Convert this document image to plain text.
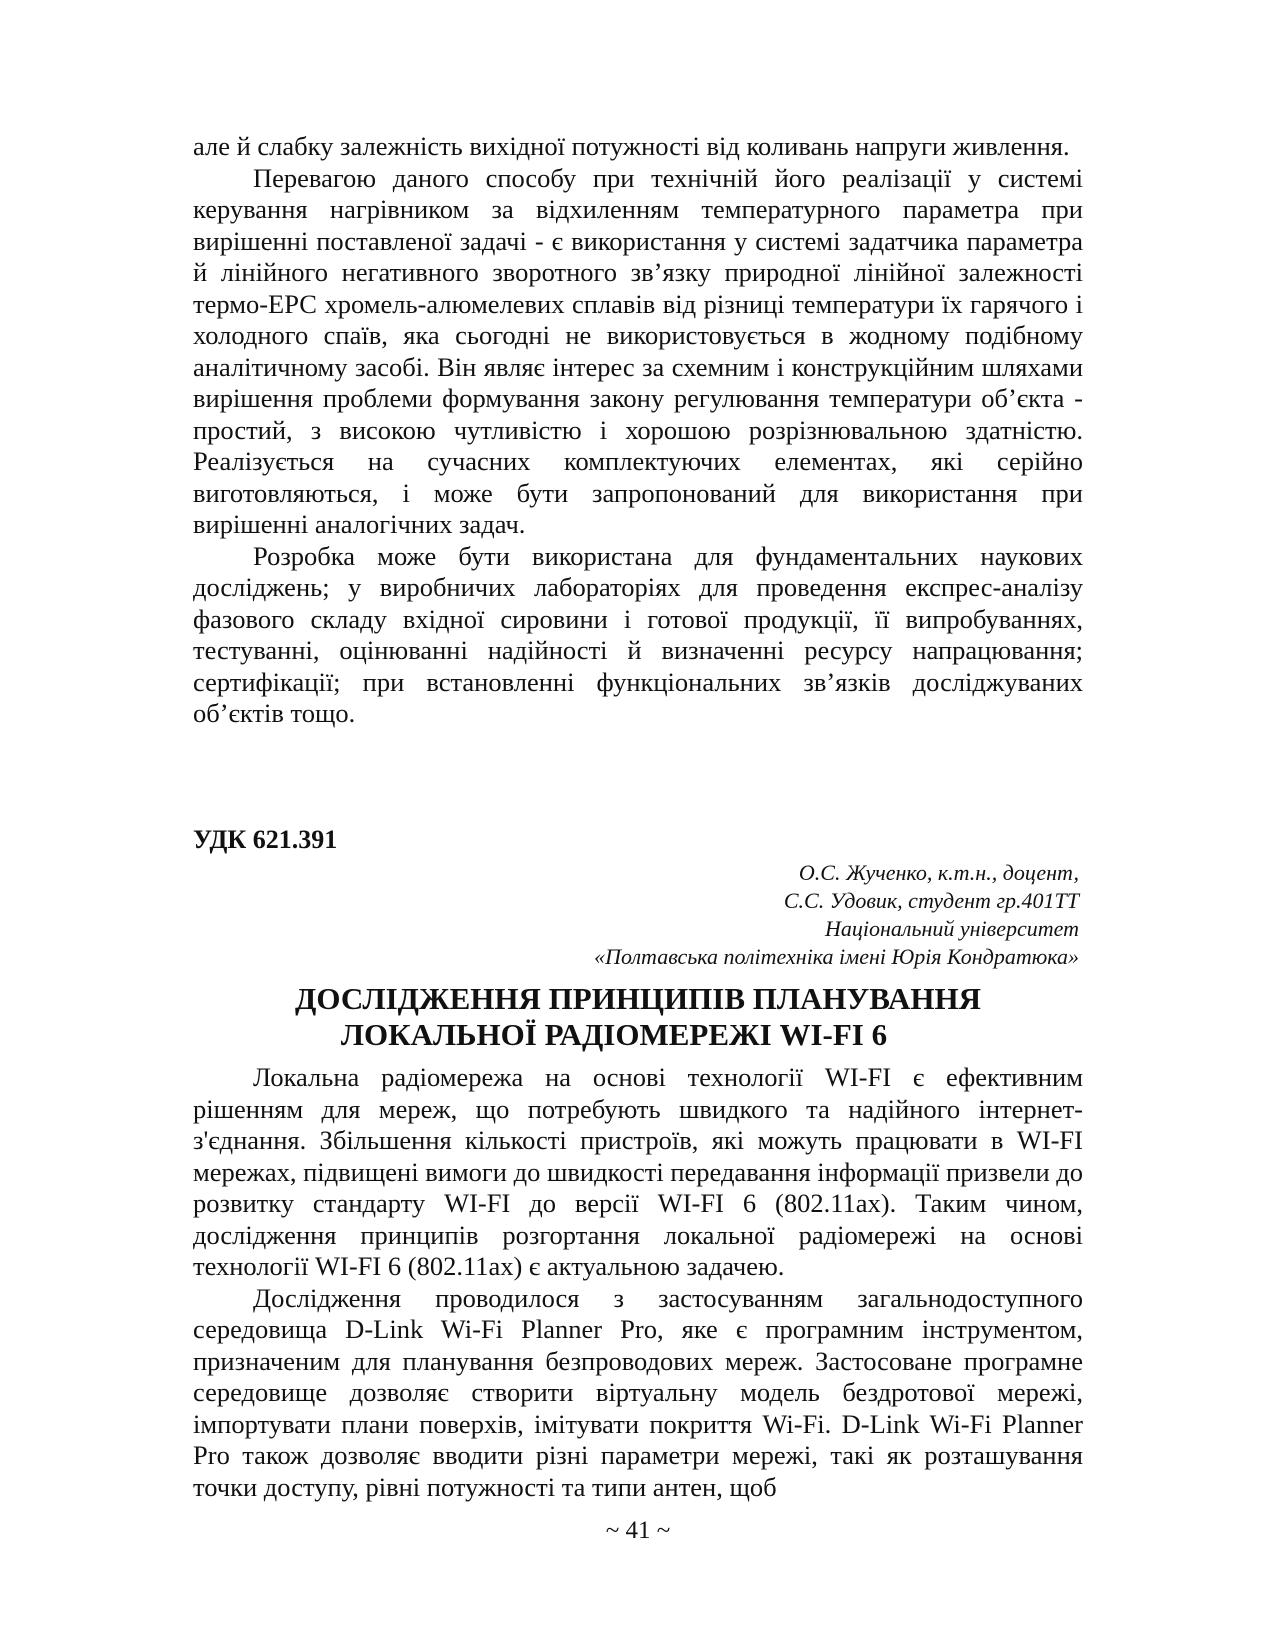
але й слабку залежність вихідної потужності від коливань напруги живлення.

Перевагою даного способу при технічній його реалізації у системі керування нагрівником за відхиленням температурного параметра при вирішенні поставленої задачі - є використання у системі задатчика параметра й лінійного негативного зворотного зв’язку природної лінійної залежності термо-ЕРС хромель-алюмелевих сплавів від різниці температури їх гарячого і холодного спаїв, яка сьогодні не використовується в жодному подібному аналітичному засобі. Він являє інтерес за схемним і конструкційним шляхами вирішення проблеми формування закону регулювання температури об’єкта - простий, з високою чутливістю і хорошою розрізнювальною здатністю. Реалізується на сучасних комплектуючих елементах, які серійно виготовляються, і може бути запропонований для використання при вирішенні аналогічних задач.

Розробка може бути використана для фундаментальних наукових досліджень; у виробничих лабораторіях для проведення експрес-аналізу фазового складу вхідної сировини і готової продукції, її випробуваннях, тестуванні, оцінюванні надійності й визначенні ресурсу напрацювання; сертифікації; при встановленні функціональних зв’язків досліджуваних об’єктів тощо.

УДК 621.391

О.С. Жученко, к.т.н., доцент,
С.С. Удовик, студент гр.401ТТ
Національний університет
«Полтавська політехніка імені Юрія Кондратюка»
ДОСЛІДЖЕННЯ ПРИНЦИПІВ ПЛАНУВАННЯ
ЛОКАЛЬНОЇ РАДІОМЕРЕЖІ WI-FI 6

Локальна радіомережа на основі технології WI-FI є ефективним рішенням для мереж, що потребують швидкого та надійного інтернет-з'єднання. Збільшення кількості пристроїв, які можуть працювати в WI-FI мережах, підвищені вимоги до швидкості передавання інформації призвели до розвитку стандарту WI-FI до версії WI-FI 6 (802.11ax). Таким чином, дослідження принципів розгортання локальної радіомережі на основі технології WI-FI 6 (802.11ax) є актуальною задачею.

Дослідження проводилося з застосуванням загальнодоступного середовища D-Link Wi-Fi Planner Pro, яке є програмним інструментом, призначеним для планування безпроводових мереж. Застосоване програмне середовище дозволяє створити віртуальну модель бездротової мережі, імпортувати плани поверхів, імітувати покриття Wi-Fi. D-Link Wi-Fi Planner Pro також дозволяє вводити різні параметри мережі, такі як розташування точки доступу, рівні потужності та типи антен, щоб

~ 41 ~
